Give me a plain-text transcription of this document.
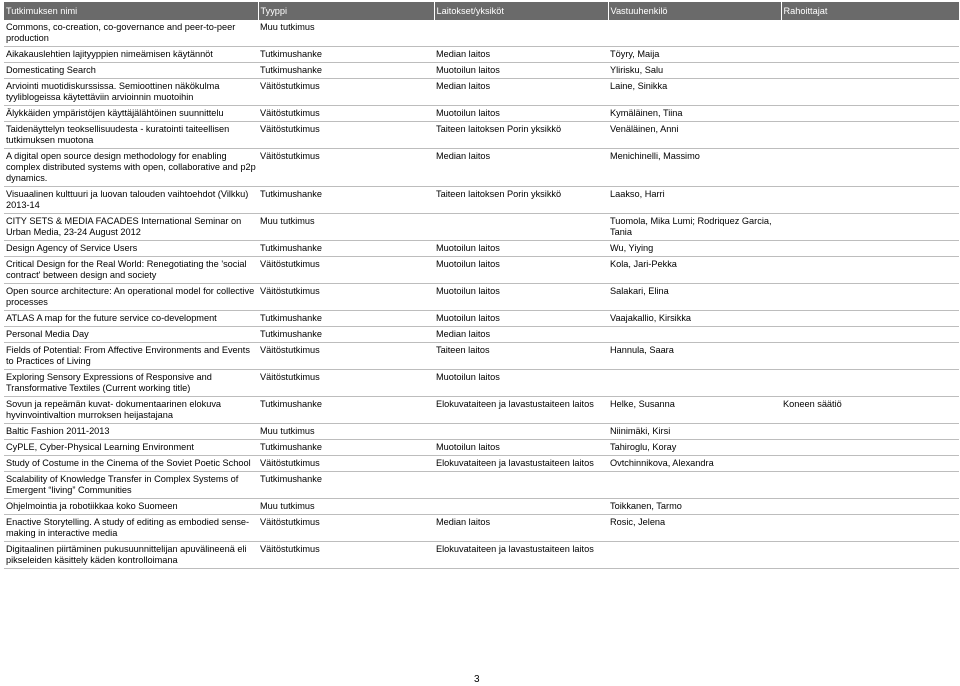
Tutkimuksen nimi	Tyyppi	Laitokset/yksiköt	Vastuuhenkilö	Rahoittajat
Commons, co-creation, co-governance and peer-to-peer production	Muu tutkimus			
Aikakauslehtien lajityyppien nimeämisen käytännöt	Tutkimushanke	Median laitos	Töyry, Maija	
Domesticating Search	Tutkimushanke	Muotoilun laitos	Ylirisku, Salu	
Arviointi muotidiskurssissa. Semioottinen näkökulma tyyliblogeissa käytettäviin arvioinnin muotoihin	Väitöstutkimus	Median laitos	Laine, Sinikka	
Älykkäiden ympäristöjen käyttäjälähtöinen suunnittelu	Väitöstutkimus	Muotoilun laitos	Kymäläinen, Tiina	
Taidenäyttelyn teoksellisuudesta - kuratointi taiteellisen tutkimuksen muotona	Väitöstutkimus	Taiteen laitoksen Porin yksikkö	Venäläinen, Anni	
A digital open source design methodology for enabling complex distributed systems with open, collaborative and p2p dynamics.	Väitöstutkimus	Median laitos	Menichinelli, Massimo	
Visuaalinen kulttuuri ja luovan talouden vaihtoehdot (Vilkku) 2013-14	Tutkimushanke	Taiteen laitoksen Porin yksikkö	Laakso, Harri	
CITY SETS & MEDIA FACADES International Seminar on Urban Media, 23-24 August 2012	Muu tutkimus		Tuomola, Mika Lumi; Rodriquez Garcia, Tania	
Design Agency of Service Users	Tutkimushanke	Muotoilun laitos	Wu, Yiying	
Critical Design for the Real World: Renegotiating the 'social contract' between design and society	Väitöstutkimus	Muotoilun laitos	Kola, Jari-Pekka	
Open source architecture: An operational model for collective processes	Väitöstutkimus	Muotoilun laitos	Salakari, Elina	
ATLAS A map for the future service co-development	Tutkimushanke	Muotoilun laitos	Vaajakallio, Kirsikka	
Personal Media Day	Tutkimushanke	Median laitos		
Fields of Potential: From Affective Environments and Events to Practices of Living	Väitöstutkimus	Taiteen laitos	Hannula, Saara	
Exploring Sensory Expressions of Responsive and Transformative Textiles (Current working title)	Väitöstutkimus	Muotoilun laitos		
Sovun ja repeämän kuvat- dokumentaarinen elokuva hyvinvointivaltion murroksen heijastajana	Tutkimushanke	Elokuvataiteen ja lavastustaiteen laitos	Helke, Susanna	Koneen säätiö
Baltic Fashion 2011-2013	Muu tutkimus		Niinimäki, Kirsi	
CyPLE, Cyber-Physical Learning Environment	Tutkimushanke	Muotoilun laitos	Tahiroglu, Koray	
Study of Costume in the Cinema of the Soviet Poetic School	Väitöstutkimus	Elokuvataiteen ja lavastustaiteen laitos	Ovtchinnikova, Alexandra	
Scalability of Knowledge Transfer in Complex Systems of Emergent “living” Communities	Tutkimushanke			
Ohjelmointia ja robotiikkaa koko Suomeen	Muu tutkimus		Toikkanen, Tarmo	
Enactive Storytelling. A study of editing as embodied sense-making in interactive media	Väitöstutkimus	Median laitos	Rosic, Jelena	
Digitaalinen piirtäminen pukusuunnittelijan apuvälineenä eli pikseleiden käsittely käden kontrolloimana	Väitöstutkimus	Elokuvataiteen ja lavastustaiteen laitos		
3
